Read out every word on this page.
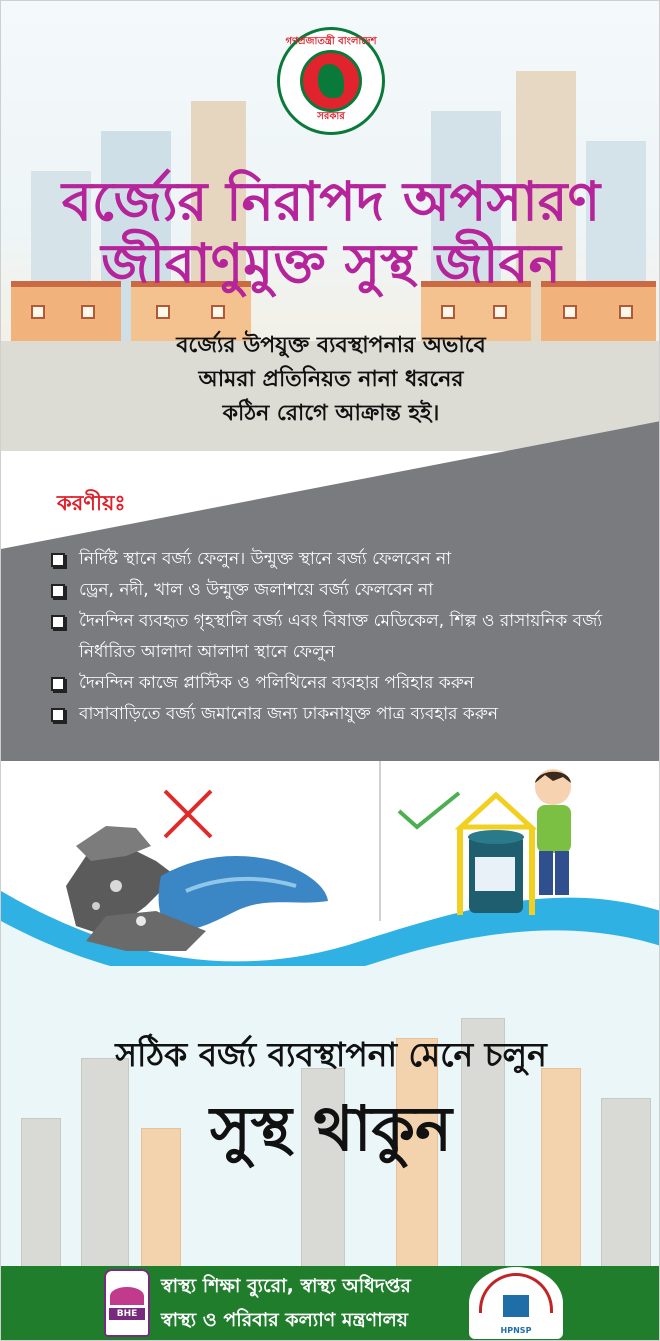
গণপ্রজাতন্ত্রী বাংলাদেশ
সরকার
বর্জ্যের নিরাপদ অপসারণ
জীবাণুমুক্ত সুস্থ জীবন
বর্জ্যের উপযুক্ত ব্যবস্থাপনার অভাবে
আমরা প্রতিনিয়ত নানা ধরনের
কঠিন রোগে আক্রান্ত হই।
করণীয়ঃ
নির্দিষ্ট স্থানে বর্জ্য ফেলুন। উন্মুক্ত স্থানে বর্জ্য ফেলবেন না
ড্রেন, নদী, খাল ও উন্মুক্ত জলাশয়ে বর্জ্য ফেলবেন না
দৈনন্দিন ব্যবহৃত গৃহস্থালি বর্জ্য এবং বিষাক্ত মেডিকেল, শিল্প ও রাসায়নিক বর্জ্য নির্ধারিত আলাদা আলাদা স্থানে ফেলুন
দৈনন্দিন কাজে প্লাস্টিক ও পলিথিনের ব্যবহার পরিহার করুন
বাসাবাড়িতে বর্জ্য জমানোর জন্য ঢাকনাযুক্ত পাত্র ব্যবহার করুন
সঠিক বর্জ্য ব্যবস্থাপনা মেনে চলুন
সুস্থ থাকুন
BHE
স্বাস্থ্য শিক্ষা ব্যুরো, স্বাস্থ্য অধিদপ্তর
স্বাস্থ্য ও পরিবার কল্যাণ মন্ত্রণালয়	HPNSP
